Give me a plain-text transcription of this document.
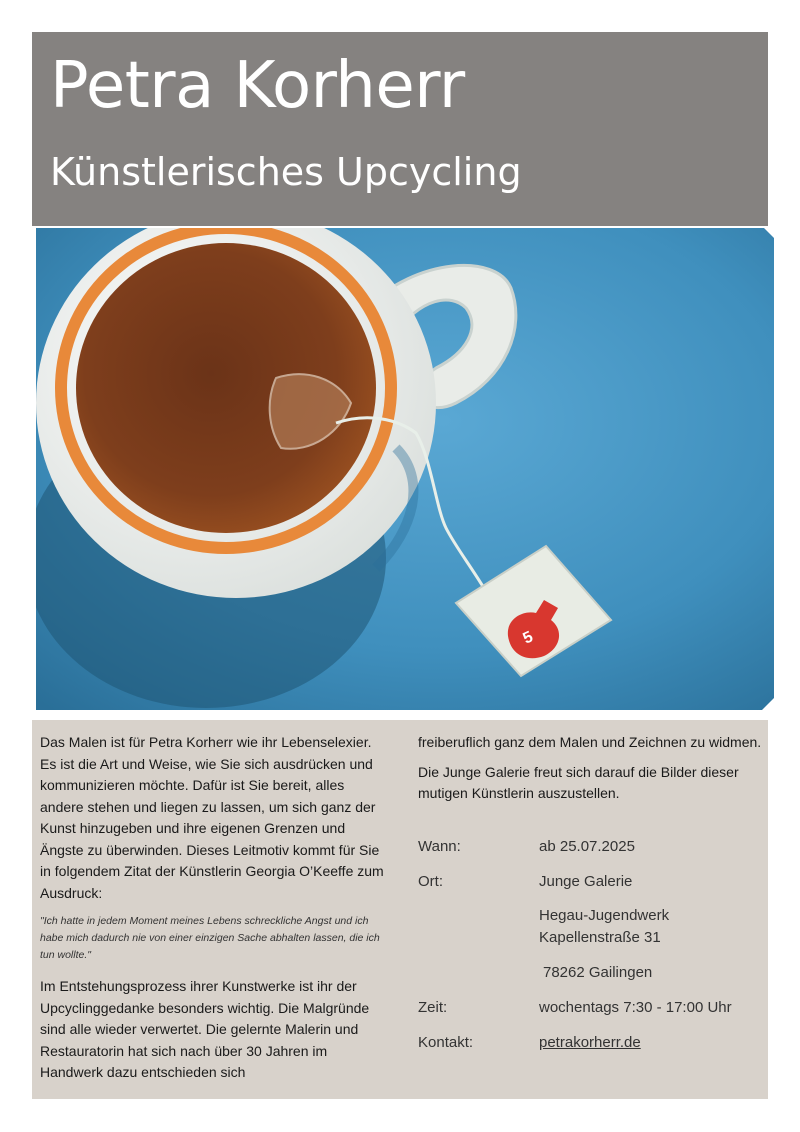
Petra Korherr
Künstlerisches Upcycling
5

Das Malen ist für Petra Korherr wie ihr Lebenselexier. Es ist die Art und Weise, wie Sie sich ausdrücken und kommunizieren möchte. Dafür ist Sie bereit, alles andere stehen und liegen zu lassen, um sich ganz der Kunst hinzugeben und ihre eigenen Grenzen und Ängste zu überwinden. Dieses Leitmotiv kommt für Sie in folgendem Zitat der Künstlerin Georgia O’Keeffe zum Ausdruck:

"Ich hatte in jedem Moment meines Lebens schreckliche Angst und ich habe mich dadurch nie von einer einzigen Sache abhalten lassen, die ich tun wollte."

Im Entstehungsprozess ihrer Kunstwerke ist ihr der Upcyclinggedanke besonders wichtig. Die Malgründe sind alle wieder verwertet. Die gelernte Malerin und Restauratorin hat sich nach über 30 Jahren im Handwerk dazu entschieden sich

freiberuflich ganz dem Malen und Zeichnen zu widmen.

Die Junge Galerie freut sich darauf die Bilder dieser mutigen Künstlerin auszustellen.

Wann:	ab 25.07.2025
Ort:	Junge Galerie
Hegau-Jugendwerk
Kapellenstraße 31
78262 Gailingen
Zeit:	wochentags 7:30 - 17:00 Uhr
Kontakt:	petrakorherr.de
